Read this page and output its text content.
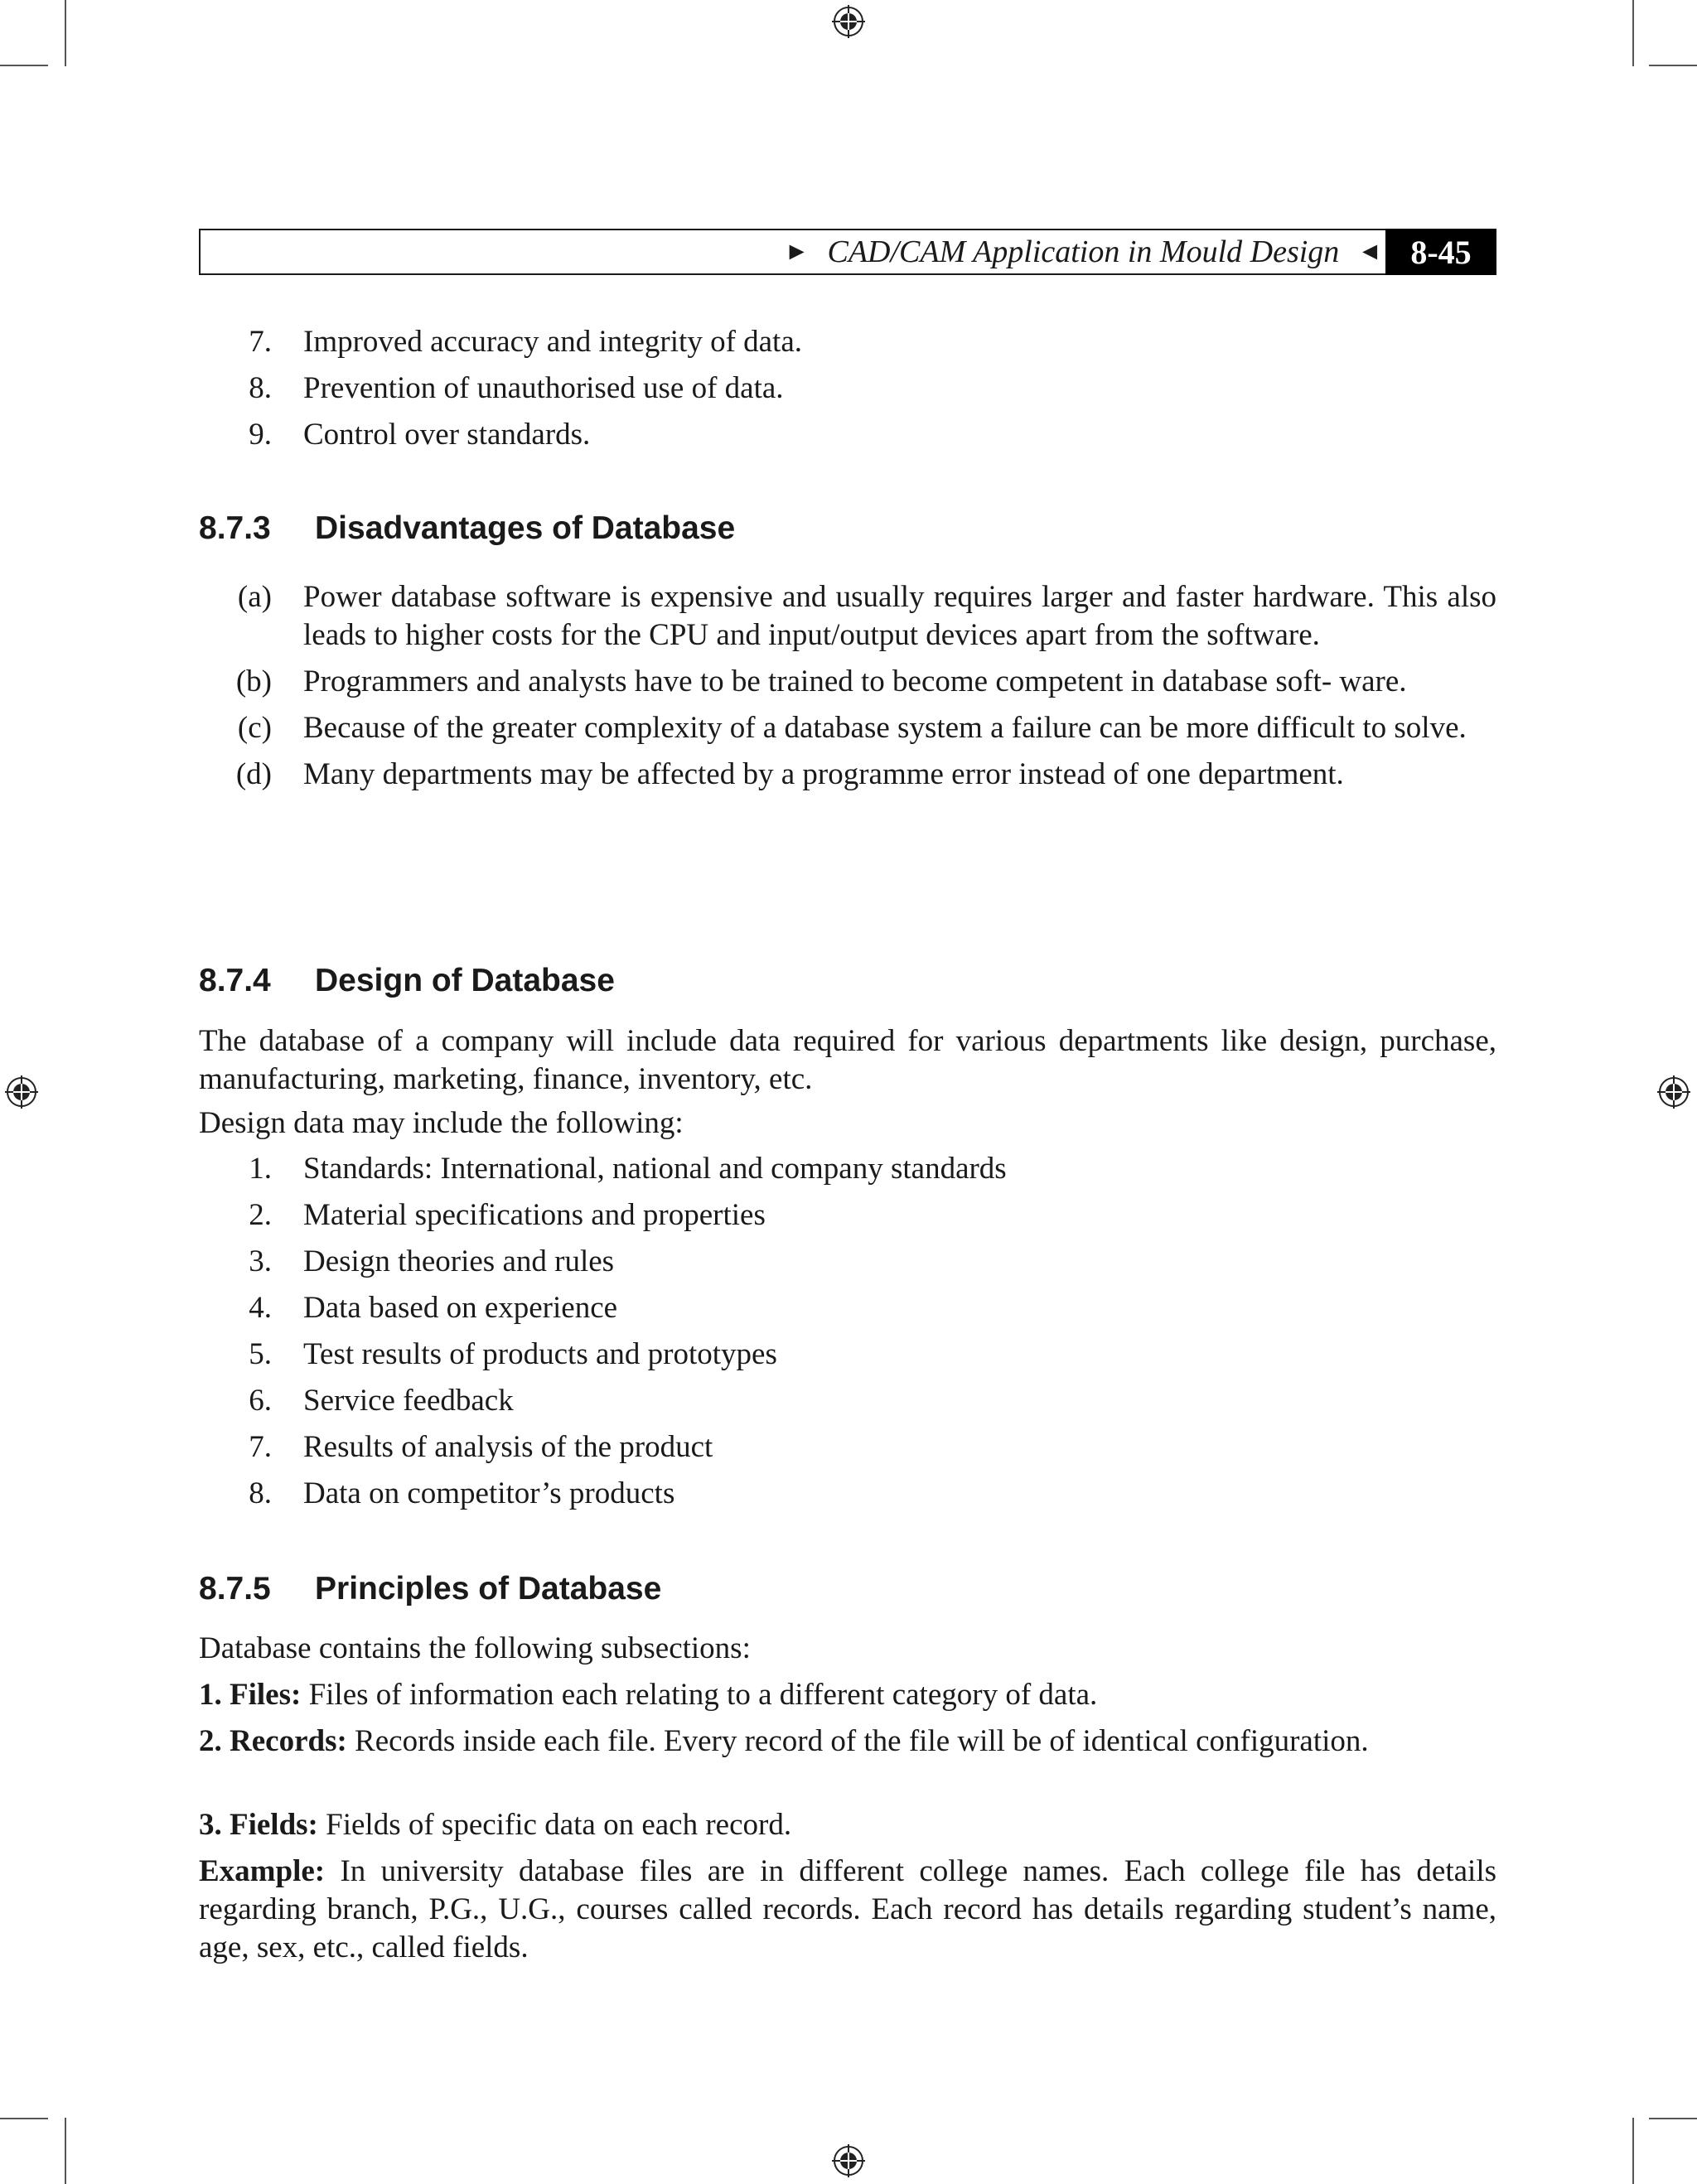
► CAD/CAM Application in Mould Design ◄ 8-45
7. Improved accuracy and integrity of data.
8. Prevention of unauthorised use of data.
9. Control over standards.
8.7.3 Disadvantages of Database
(a) Power database software is expensive and usually requires larger and faster hardware. This also leads to higher costs for the CPU and input/output devices apart from the software.
(b) Programmers and analysts have to be trained to become competent in database soft- ware.
(c) Because of the greater complexity of a database system a failure can be more difficult to solve.
(d) Many departments may be affected by a programme error instead of one department.
8.7.4 Design of Database

The database of a company will include data required for various departments like design, purchase, manufacturing, marketing, finance, inventory, etc.

Design data may include the following:

1. Standards: International, national and company standards
2. Material specifications and properties
3. Design theories and rules
4. Data based on experience
5. Test results of products and prototypes
6. Service feedback
7. Results of analysis of the product
8. Data on competitor’s products
8.7.5 Principles of Database

Database contains the following subsections:

1. Files: Files of information each relating to a different category of data.

2. Records: Records inside each file. Every record of the file will be of identical configuration.

3. Fields: Fields of specific data on each record.

Example: In university database files are in different college names. Each college file has details regarding branch, P.G., U.G., courses called records. Each record has details regarding student’s name, age, sex, etc., called fields.
